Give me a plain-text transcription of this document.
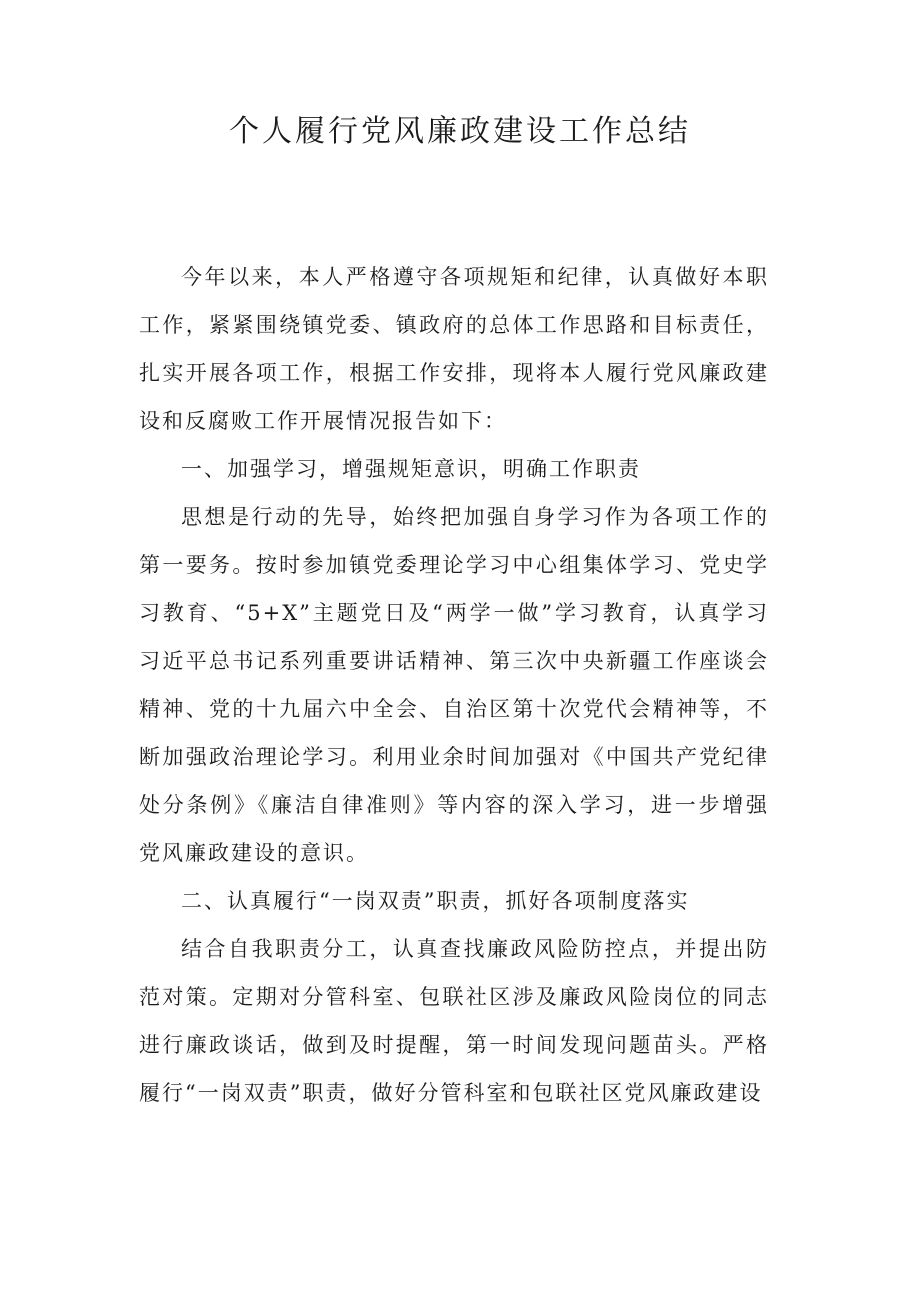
个人履行党风廉政建设工作总结

今年以来，本人严格遵守各项规矩和纪律，认真做好本职工作，紧紧围绕镇党委、镇政府的总体工作思路和目标责任，扎实开展各项工作，根据工作安排，现将本人履行党风廉政建设和反腐败工作开展情况报告如下：

一、加强学习，增强规矩意识，明确工作职责

思想是行动的先导，始终把加强自身学习作为各项工作的第一要务。按时参加镇党委理论学习中心组集体学习、党史学习教育、“5+X”主题党日及“两学一做”学习教育，认真学习习近平总书记系列重要讲话精神、第三次中央新疆工作座谈会精神、党的十九届六中全会、自治区第十次党代会精神等，不断加强政治理论学习。利用业余时间加强对《中国共产党纪律处分条例》《廉洁自律准则》等内容的深入学习，进一步增强党风廉政建设的意识。

二、认真履行“一岗双责”职责，抓好各项制度落实

结合自我职责分工，认真查找廉政风险防控点，并提出防范对策。定期对分管科室、包联社区涉及廉政风险岗位的同志进行廉政谈话，做到及时提醒，第一时间发现问题苗头。严格履行“一岗双责”职责，做好分管科室和包联社区党风廉政建设
